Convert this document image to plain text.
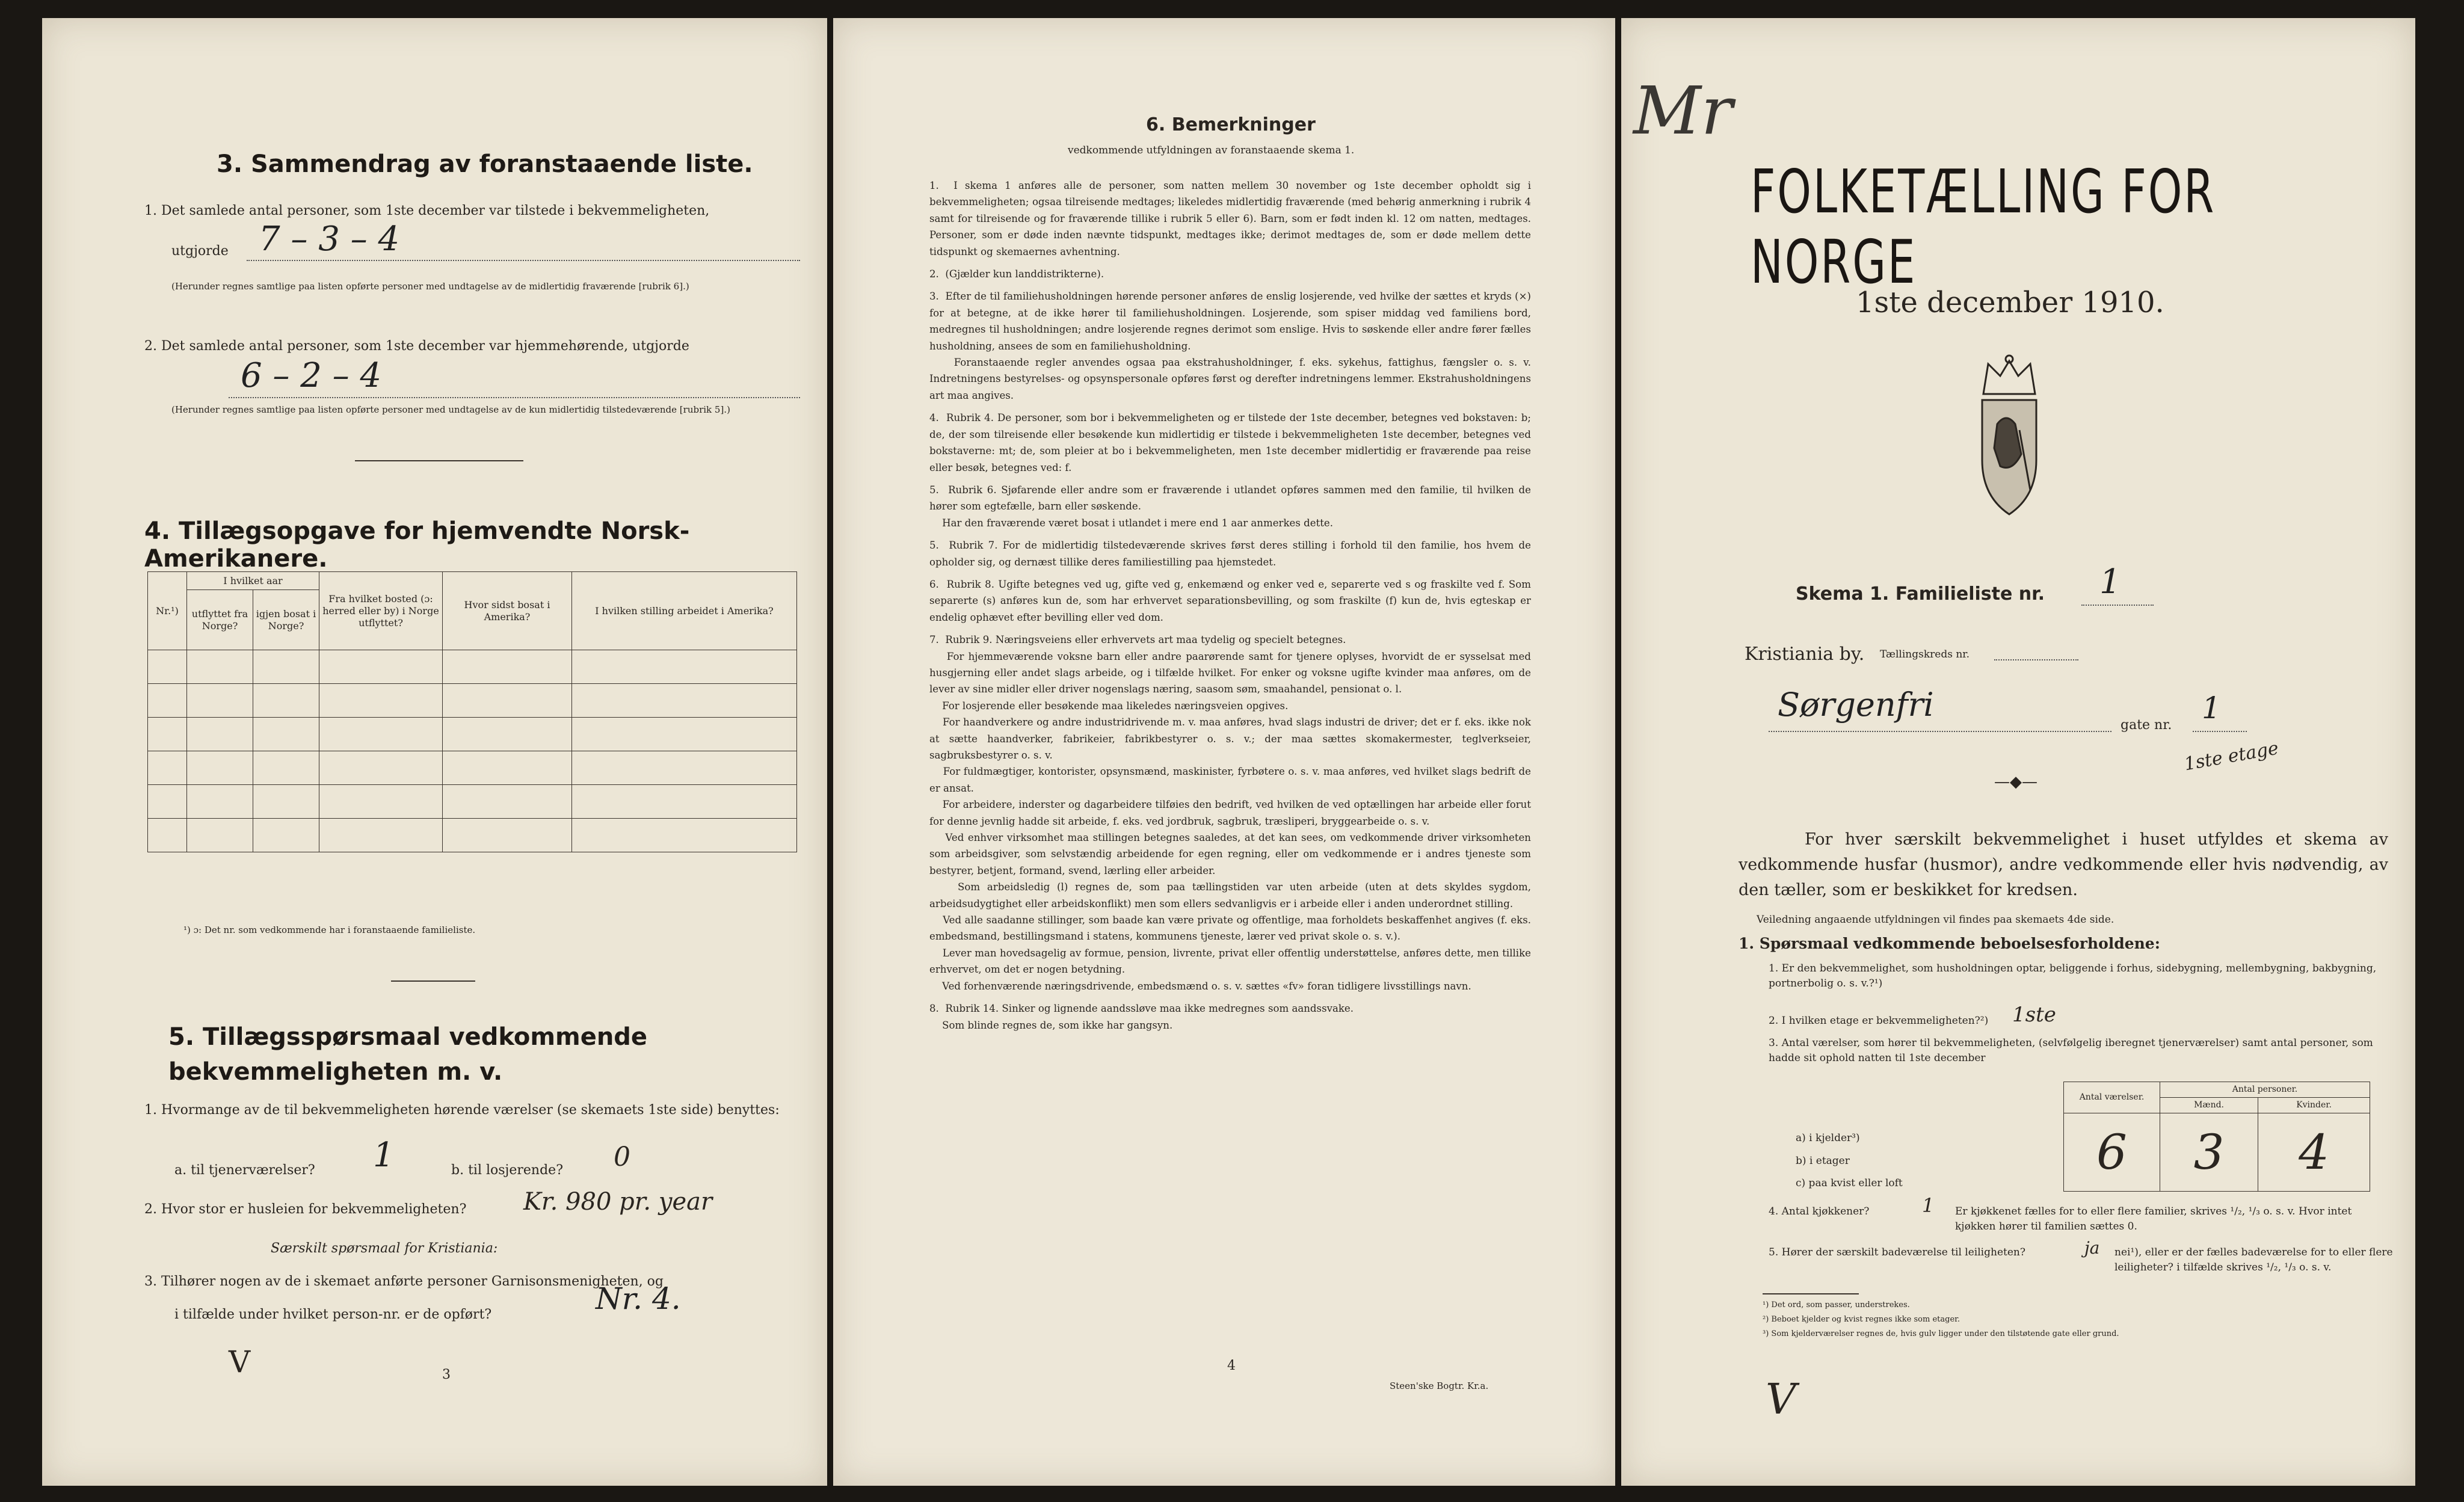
3. Sammendrag av foranstaaende liste.
1. Det samlede antal personer, som 1ste december var tilstede i bekvemmeligheten,
utgjorde 7 – 3 – 4
(Herunder regnes samtlige paa listen opførte personer med undtagelse av de midlertidig fraværende [rubrik 6].)
2. Det samlede antal personer, som 1ste december var hjemmehørende, utgjorde
6 – 2 – 4
(Herunder regnes samtlige paa listen opførte personer med undtagelse av de kun midlertidig tilstedeværende [rubrik 5].)
4. Tillægsopgave for hjemvendte Norsk-Amerikanere.
Nr.¹)	I hvilket aar		Fra hvilket bosted (ɔ: herred eller by) i Norge utflyttet?	Hvor sidst bosat i Amerika?	I hvilken stilling arbeidet i Amerika?
	utflyttet fra Norge?	igjen bosat i Norge?			

¹) ɔ: Det nr. som vedkommende har i foranstaaende familieliste.
5. Tillægsspørsmaal vedkommende bekvemmeligheten m. v.
1. Hvormange av de til bekvemmeligheten hørende værelser (se skemaets 1ste side) benyttes:
a. til tjenerværelser? 1	b. til losjerende? 0
2. Hvor stor er husleien for bekvemmeligheten? Kr. 980 pr. year
Særskilt spørsmaal for Kristiania:
3. Tilhører nogen av de i skemaet anførte personer Garnisonsmenigheten, og
i tilfælde under hvilket person-nr. er de opført?	Nr. 4.
V	3
6. Bemerkninger
vedkommende utfyldningen av foranstaaende skema 1.
1.  I skema 1 anføres alle de personer, som natten mellem 30 november og 1ste december opholdt sig i bekvemmeligheten; ogsaa tilreisende medtages; likeledes midlertidig fraværende (med behørig anmerkning i rubrik 4 samt for tilreisende og for fraværende tillike i rubrik 5 eller 6). Barn, som er født inden kl. 12 om natten, medtages. Personer, som er døde inden nævnte tidspunkt, medtages ikke; derimot medtages de, som er døde mellem dette tidspunkt og skemaernes avhentning.
2.  (Gjælder kun landdistrikterne).
3.  Efter de til familiehusholdningen hørende personer anføres de enslig losjerende, ved hvilke der sættes et kryds (×) for at betegne, at de ikke hører til familiehusholdningen. Losjerende, som spiser middag ved familiens bord, medregnes til husholdningen; andre losjerende regnes derimot som enslige. Hvis to søskende eller andre fører fælles husholdning, ansees de som en familiehusholdning.
Foranstaaende regler anvendes ogsaa paa ekstrahusholdninger, f. eks. sykehus, fattighus, fængsler o. s. v. Indretningens bestyrelses- og opsynspersonale opføres først og derefter indretningens lemmer. Ekstrahusholdningens art maa angives.
4.  Rubrik 4. De personer, som bor i bekvemmeligheten og er tilstede der 1ste december, betegnes ved bokstaven: b; de, der som tilreisende eller besøkende kun midlertidig er tilstede i bekvemmeligheten 1ste december, betegnes ved bokstaverne: mt; de, som pleier at bo i bekvemmeligheten, men 1ste december midlertidig er fraværende paa reise eller besøk, betegnes ved: f.
5.  Rubrik 6. Sjøfarende eller andre som er fraværende i utlandet opføres sammen med den familie, til hvilken de hører som egtefælle, barn eller søskende.
Har den fraværende været bosat i utlandet i mere end 1 aar anmerkes dette.
5.  Rubrik 7. For de midlertidig tilstedeværende skrives først deres stilling i forhold til den familie, hos hvem de opholder sig, og dernæst tillike deres familiestilling paa hjemstedet.
6.  Rubrik 8. Ugifte betegnes ved ug, gifte ved g, enkemænd og enker ved e, separerte ved s og fraskilte ved f. Som separerte (s) anføres kun de, som har erhvervet separationsbevilling, og som fraskilte (f) kun de, hvis egteskap er endelig ophævet efter bevilling eller ved dom.
7.  Rubrik 9. Næringsveiens eller erhvervets art maa tydelig og specielt betegnes.
For hjemmeværende voksne barn eller andre paarørende samt for tjenere oplyses, hvorvidt de er sysselsat med husgjerning eller andet slags arbeide, og i tilfælde hvilket. For enker og voksne ugifte kvinder maa anføres, om de lever av sine midler eller driver nogenslags næring, saasom søm, smaahandel, pensionat o. l.
For losjerende eller besøkende maa likeledes næringsveien opgives.
For haandverkere og andre industridrivende m. v. maa anføres, hvad slags industri de driver; det er f. eks. ikke nok at sætte haandverker, fabrikeier, fabrikbestyrer o. s. v.; der maa sættes skomakermester, teglverkseier, sagbruksbestyrer o. s. v.
For fuldmægtiger, kontorister, opsynsmænd, maskinister, fyrbøtere o. s. v. maa anføres, ved hvilket slags bedrift de er ansat.
For arbeidere, inderster og dagarbeidere tilføies den bedrift, ved hvilken de ved optællingen har arbeide eller forut for denne jevnlig hadde sit arbeide, f. eks. ved jordbruk, sagbruk, træsliperi, bryggearbeide o. s. v.
Ved enhver virksomhet maa stillingen betegnes saaledes, at det kan sees, om vedkommende driver virksomheten som arbeidsgiver, som selvstændig arbeidende for egen regning, eller om vedkommende er i andres tjeneste som bestyrer, betjent, formand, svend, lærling eller arbeider.
Som arbeidsledig (l) regnes de, som paa tællingstiden var uten arbeide (uten at dets skyldes sygdom, arbeidsudygtighet eller arbeidskonflikt) men som ellers sedvanligvis er i arbeide eller i anden underordnet stilling.
Ved alle saadanne stillinger, som baade kan være private og offentlige, maa forholdets beskaffenhet angives (f. eks. embedsmand, bestillingsmand i statens, kommunens tjeneste, lærer ved privat skole o. s. v.).
Lever man hovedsagelig av formue, pension, livrente, privat eller offentlig understøttelse, anføres dette, men tillike erhvervet, om det er nogen betydning.
Ved forhenværende næringsdrivende, embedsmænd o. s. v. sættes «fv» foran tidligere livsstillings navn.
8.  Rubrik 14. Sinker og lignende aandssløve maa ikke medregnes som aandssvake.
Som blinde regnes de, som ikke har gangsyn.
4
Steen'ske Bogtr. Kr.a.
Mr
FOLKETÆLLING FOR NORGE
1ste december 1910.
Skema 1. Familieliste nr. 1
Kristiania by. Tællingskreds nr.
Sørgenfri
gate nr. 1
1ste etage
—◆—
For hver særskilt bekvemmelighet i huset utfyldes et skema av vedkommende husfar (husmor), andre vedkommende eller hvis nødvendig, av den tæller, som er beskikket for kredsen.
Veiledning angaaende utfyldningen vil findes paa skemaets 4de side.
1. Spørsmaal vedkommende beboelsesforholdene:
1. Er den bekvemmelighet, som husholdningen optar, beliggende i forhus, sidebygning, mellembygning, bakbygning, portnerbolig o. s. v.?¹)
2. I hvilken etage er bekvemmeligheten?²) 1ste
3. Antal værelser, som hører til bekvemmeligheten, (selvfølgelig iberegnet tjenerværelser) samt antal personer, som hadde sit ophold natten til 1ste december
Antal værelser.	Antal personer.	
	Mænd.	Kvinder.
6	3	4
a) i kjelder³)
b) i etager
c) paa kvist eller loft
4. Antal kjøkkener?	1 Er kjøkkenet fælles for to eller flere familier, skrives ¹/₂, ¹/₃ o. s. v. Hvor intet kjøkken hører til familien sættes 0.
5. Hører der særskilt badeværelse til leiligheten?	ja nei¹), eller er der fælles badeværelse for to eller flere leiligheter? i tilfælde skrives ¹/₂, ¹/₃ o. s. v.
¹) Det ord, som passer, understrekes.
²) Beboet kjelder og kvist regnes ikke som etager.
³) Som kjelderværelser regnes de, hvis gulv ligger under den tilstøtende gate eller grund.
V
